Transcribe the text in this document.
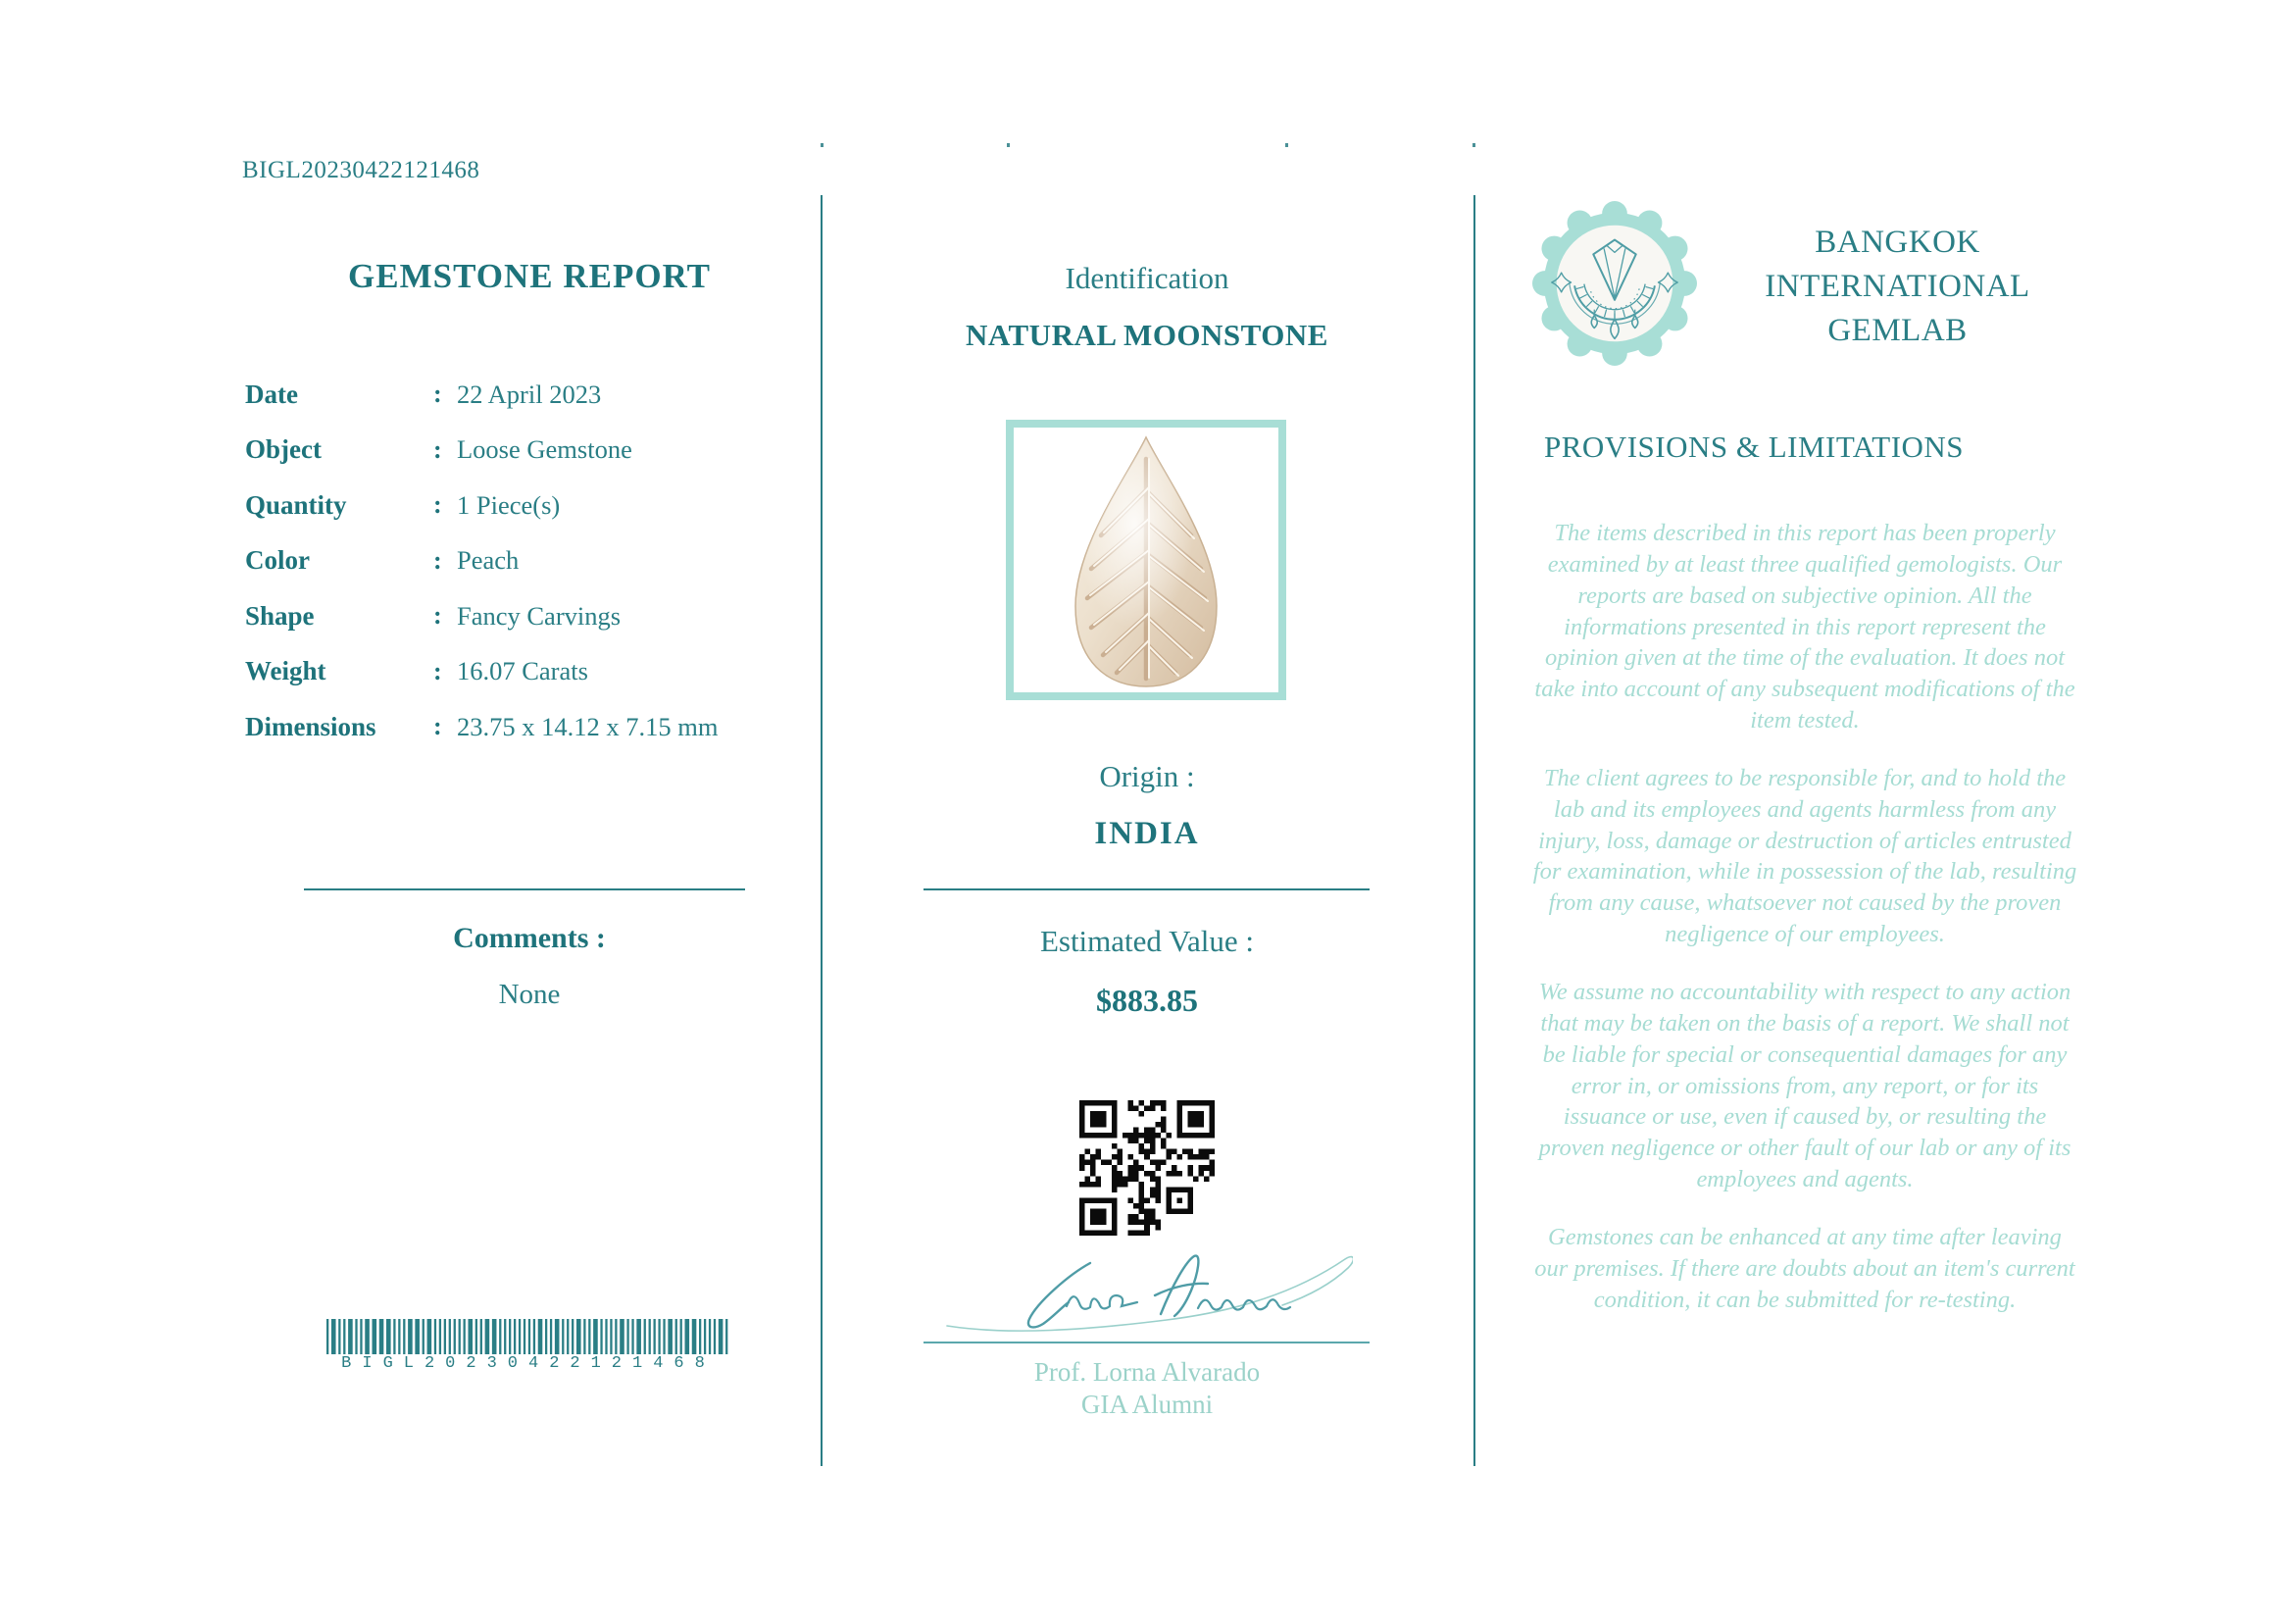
BIGL20230422121468
GEMSTONE REPORT
Date	: 22 April 2023
Object	: Loose Gemstone
Quantity	: 1 Piece(s)
Color	: Peach
Shape	: Fancy Carvings
Weight	: 16.07 Carats
Dimensions	: 23.75 x 14.12 x 7.15 mm
Comments :
None
BIGL20230422121468
Identification
NATURAL MOONSTONE
Origin :
INDIA
Estimated Value :
$883.85
Prof. Lorna Alvarado
GIA Alumni
BANGKOK
INTERNATIONAL
GEMLAB
PROVISIONS & LIMITATIONS

The items described in this report has been properly examined by at least three qualified gemologists. Our reports are based on subjective opinion. All the informations presented in this report represent the opinion given at the time of the evaluation. It does not take into account of any subsequent modifications of the item tested.

The client agrees to be responsible for, and to hold the lab and its employees and agents harmless from any injury, loss, damage or destruction of articles entrusted for examination, while in possession of the lab, resulting from any cause, whatsoever not caused by the proven negligence of our employees.

We assume no accountability with respect to any action that may be taken on the basis of a report. We shall not be liable for special or consequential damages for any error in, or omissions from, any report, or for its issuance or use, even if caused by, or resulting the proven negligence or other fault of our lab or any of its employees and agents.

Gemstones can be enhanced at any time after leaving our premises. If there are doubts about an item's current condition, it can be submitted for re-testing.
